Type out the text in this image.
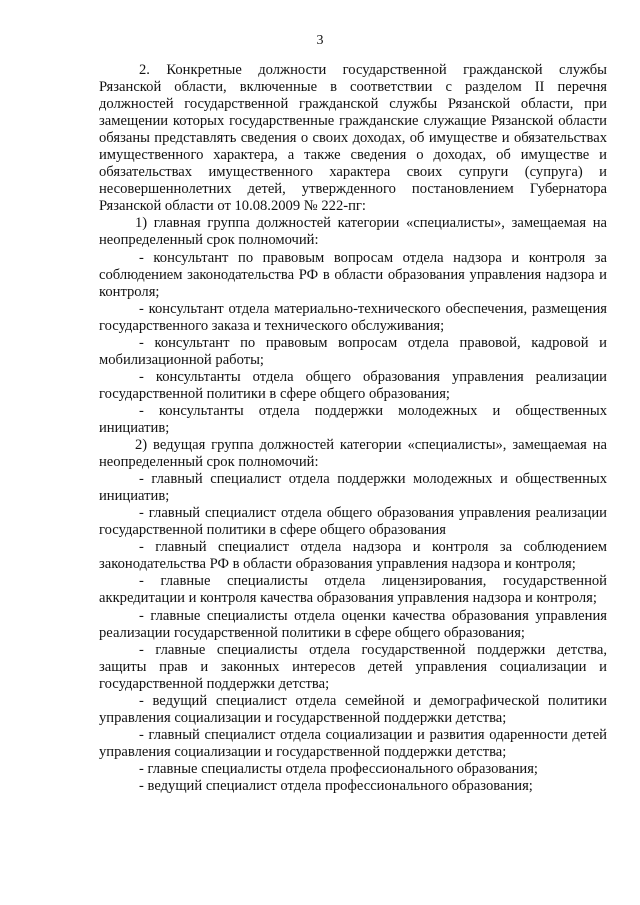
3

2. Конкретные должности государственной гражданской службы Рязанской области, включенные в соответствии с разделом II перечня должностей государственной гражданской службы Рязанской области, при замещении которых государственные гражданские служащие Рязанской области обязаны представлять сведения о своих доходах, об имуществе и обязательствах имущественного характера, а также сведения о доходах, об имуществе и обязательствах имущественного характера своих супруги (супруга) и несовершеннолетних детей, утвержденного постановлением Губернатора Рязанской области от 10.08.2009 № 222-пг:

1) главная группа должностей категории «специалисты», замещаемая на неопределенный срок полномочий:

- консультант по правовым вопросам отдела надзора и контроля за соблюдением законодательства РФ в области образования управления надзора и контроля;

- консультант отдела материально-технического обеспечения, размещения государственного заказа и технического обслуживания;

- консультант по правовым вопросам отдела правовой, кадровой и мобилизационной работы;

- консультанты отдела общего образования управления реализации государственной политики в сфере общего образования;

- консультанты отдела поддержки молодежных и общественных инициатив;

2) ведущая группа должностей категории «специалисты», замещаемая на неопределенный срок полномочий:

- главный специалист отдела поддержки молодежных и общественных инициатив;

- главный специалист отдела общего образования управления реализации государственной политики в сфере общего образования

- главный специалист отдела надзора и контроля за соблюдением законодательства РФ в области образования управления надзора и контроля;

- главные специалисты отдела лицензирования, государственной аккредитации и контроля качества образования управления надзора и контроля;

- главные специалисты отдела оценки качества образования управления реализации государственной политики в сфере общего образования;

- главные специалисты отдела государственной поддержки детства, защиты прав и законных интересов детей управления социализации и государственной поддержки детства;

- ведущий специалист отдела семейной и демографической политики управления социализации и государственной поддержки детства;

- главный специалист отдела социализации и развития одаренности детей управления социализации и государственной поддержки детства;

- главные специалисты отдела профессионального образования;

- ведущий специалист отдела профессионального образования;
